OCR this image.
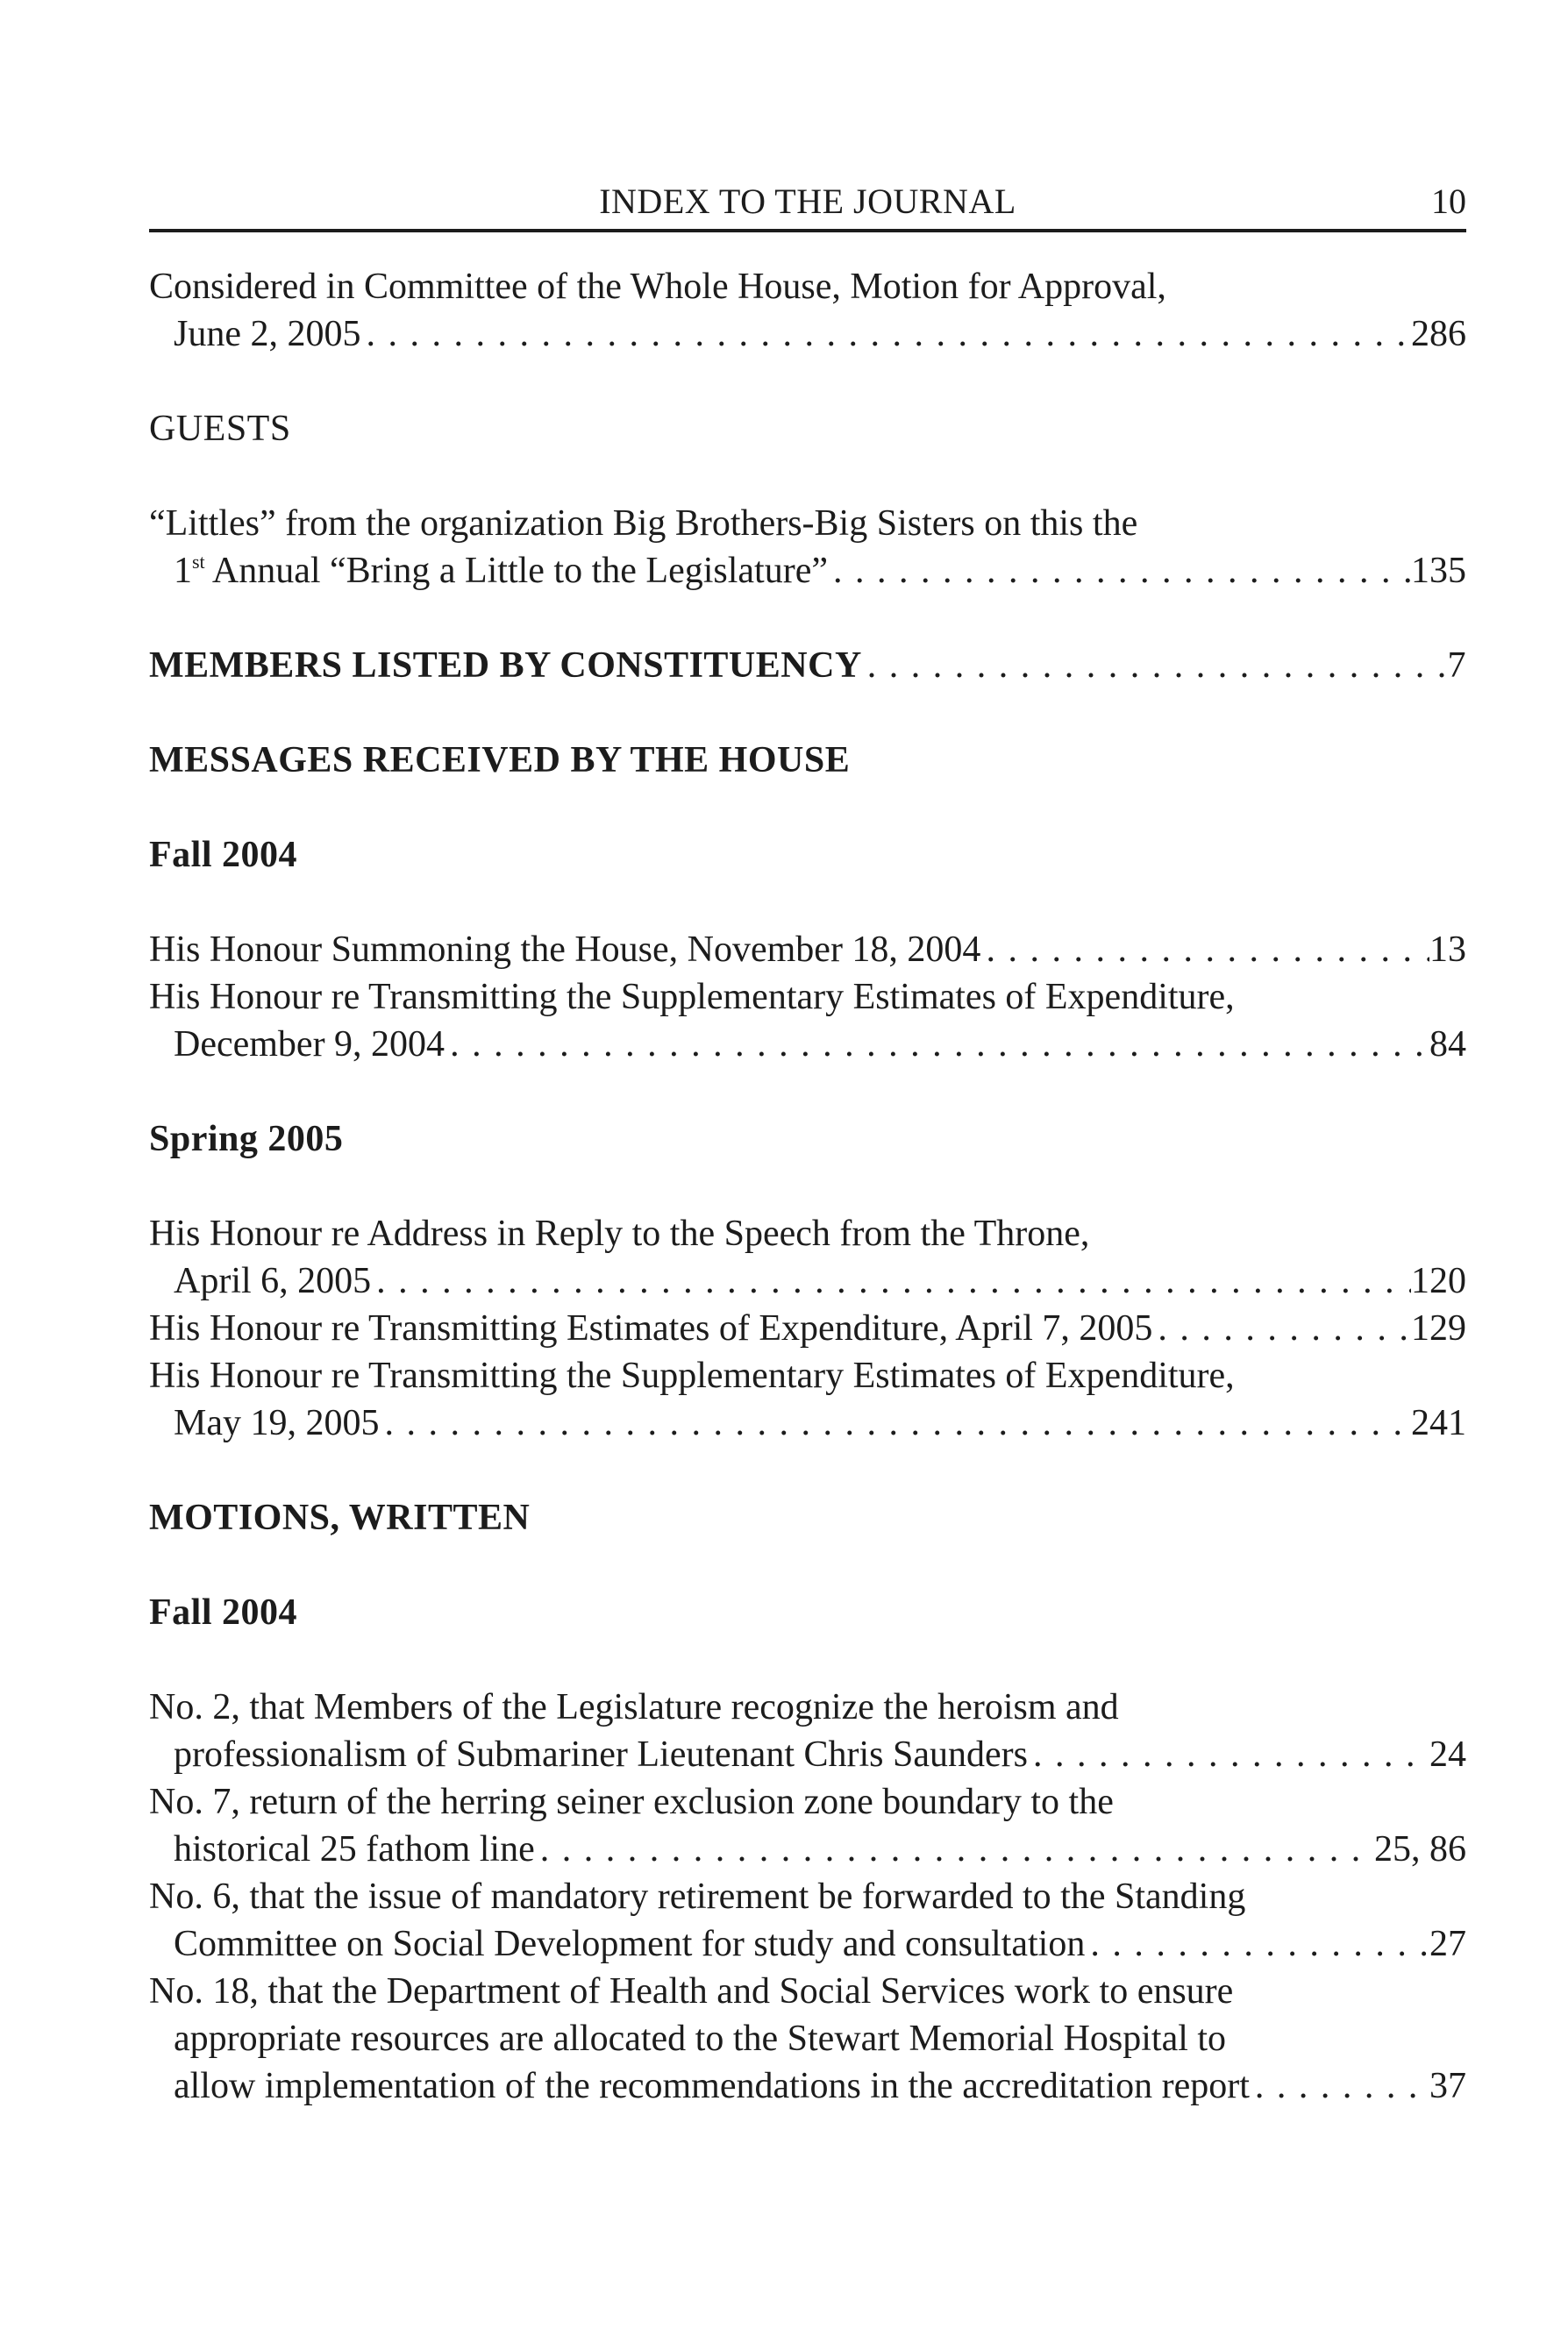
INDEX TO THE JOURNAL	10
Considered in Committee of the Whole House, Motion for Approval,
June 2, 2005 . . .	286
GUESTS
“Littles” from the organization Big Brothers-Big Sisters on this the
1st Annual “Bring a Little to the Legislature” . . .	135
MEMBERS LISTED BY CONSTITUENCY . . .	7
MESSAGES RECEIVED BY THE HOUSE
Fall 2004
His Honour Summoning the House, November 18, 2004 . . .	13
His Honour re Transmitting the Supplementary Estimates of Expenditure,
December 9, 2004 . . .	84
Spring 2005
His Honour re Address in Reply to the Speech from the Throne,
April 6, 2005 . . .	120
His Honour re Transmitting Estimates of Expenditure, April 7, 2005 . . .	129
His Honour re Transmitting the Supplementary Estimates of Expenditure,
May 19, 2005 . . .	241
MOTIONS, WRITTEN
Fall 2004
No. 2, that Members of the Legislature recognize the heroism and
professionalism of Submariner Lieutenant Chris Saunders . . .	24
No. 7, return of the herring seiner exclusion zone boundary to the
historical 25 fathom line . . .	25, 86
No. 6, that the issue of mandatory retirement be forwarded to the Standing
Committee on Social Development for study and consultation . . .	27
No. 18, that the Department of Health and Social Services work to ensure
appropriate resources are allocated to the Stewart Memorial Hospital to
allow implementation of the recommendations in the accreditation report . . .	37
